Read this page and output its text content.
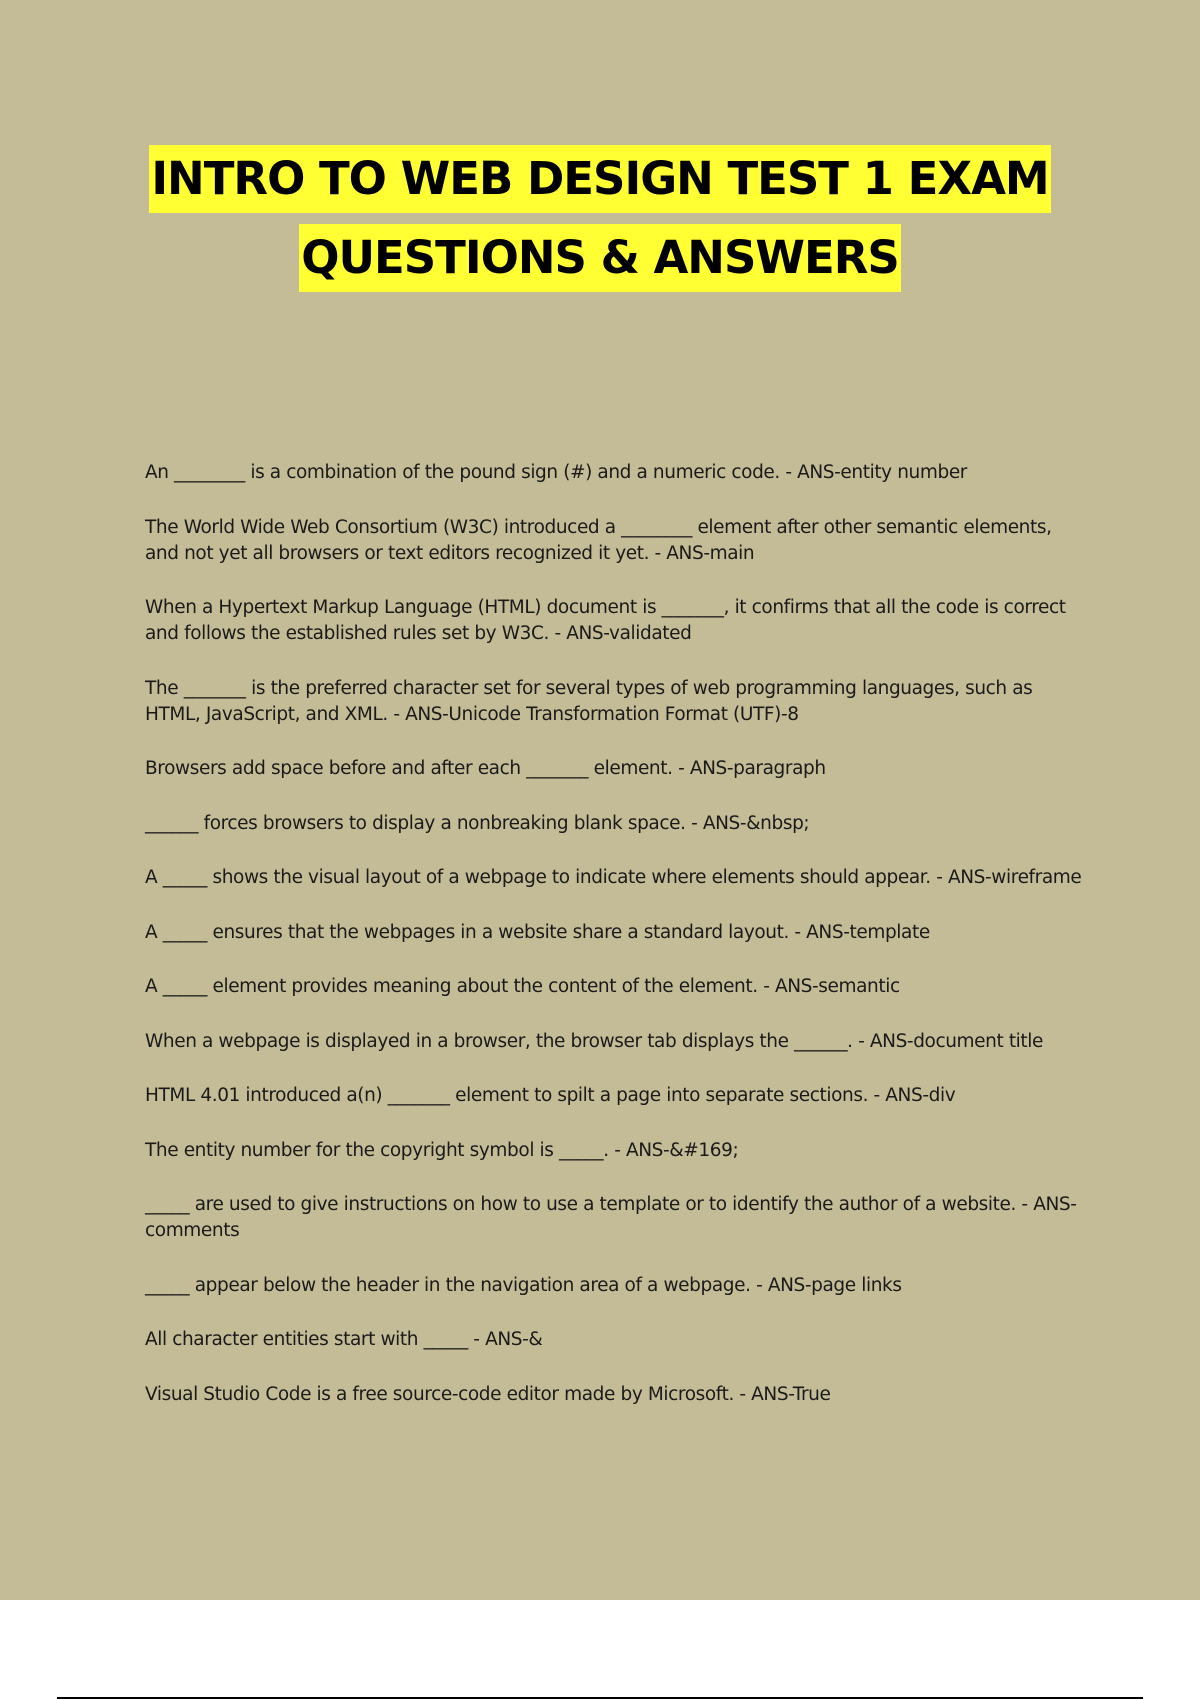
INTRO TO WEB DESIGN TEST 1 EXAM
QUESTIONS & ANSWERS

An ________ is a combination of the pound sign (#) and a numeric code. - ANS-entity number

The World Wide Web Consortium (W3C) introduced a ________ element after other semantic elements, and not yet all browsers or text editors recognized it yet. - ANS-main

When a Hypertext Markup Language (HTML) document is _______, it confirms that all the code is correct and follows the established rules set by W3C. - ANS-validated

The _______ is the preferred character set for several types of web programming languages, such as HTML, JavaScript, and XML. - ANS-Unicode Transformation Format (UTF)-8

Browsers add space before and after each _______ element. - ANS-paragraph

______ forces browsers to display a nonbreaking blank space. - ANS-&nbsp;

A _____ shows the visual layout of a webpage to indicate where elements should appear. - ANS-wireframe

A _____ ensures that the webpages in a website share a standard layout. - ANS-template

A _____ element provides meaning about the content of the element. - ANS-semantic

When a webpage is displayed in a browser, the browser tab displays the ______. - ANS-document title

HTML 4.01 introduced a(n) _______ element to spilt a page into separate sections. - ANS-div

The entity number for the copyright symbol is _____. - ANS-&#169;

_____ are used to give instructions on how to use a template or to identify the author of a website. - ANS-comments

_____ appear below the header in the navigation area of a webpage. - ANS-page links

All character entities start with _____ - ANS-&

Visual Studio Code is a free source-code editor made by Microsoft. - ANS-True
